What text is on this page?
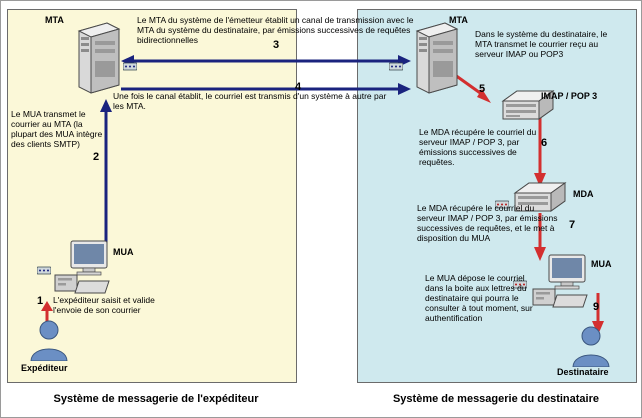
MTA	MTA
MUA
Expéditeur
IMAP / POP 3
MDA
MUA
Destinataire
1
2
3
4	5
6
7
9
L'expéditeur saisit et valide l'envoie de son courrier
Le MUA transmet le courrier au MTA (la plupart des MUA intègre des clients SMTP)
Le MTA du système de l'émetteur établit un canal de transmission avec le MTA du système du destinataire, par émissions successives de requêtes bidirectionnelles
Une fois le canal établit, le courriel est transmis d'un système à autre par les MTA.
Dans le système du destinataire, le MTA transmet le courrier reçu au serveur IMAP ou POP3
Le MDA récupére le courriel du serveur IMAP / POP 3, par émissions successives de requêtes.
Le MDA récupére le courriel du serveur IMAP / POP 3, par émissions successives de requêtes, et le met à disposition du MUA
Le MUA dépose le courriel dans la boite aux lettres du destinataire qui pourra le consulter à tout moment, sur authentification
Système de messagerie de l'expéditeur	Système de messagerie du destinataire
